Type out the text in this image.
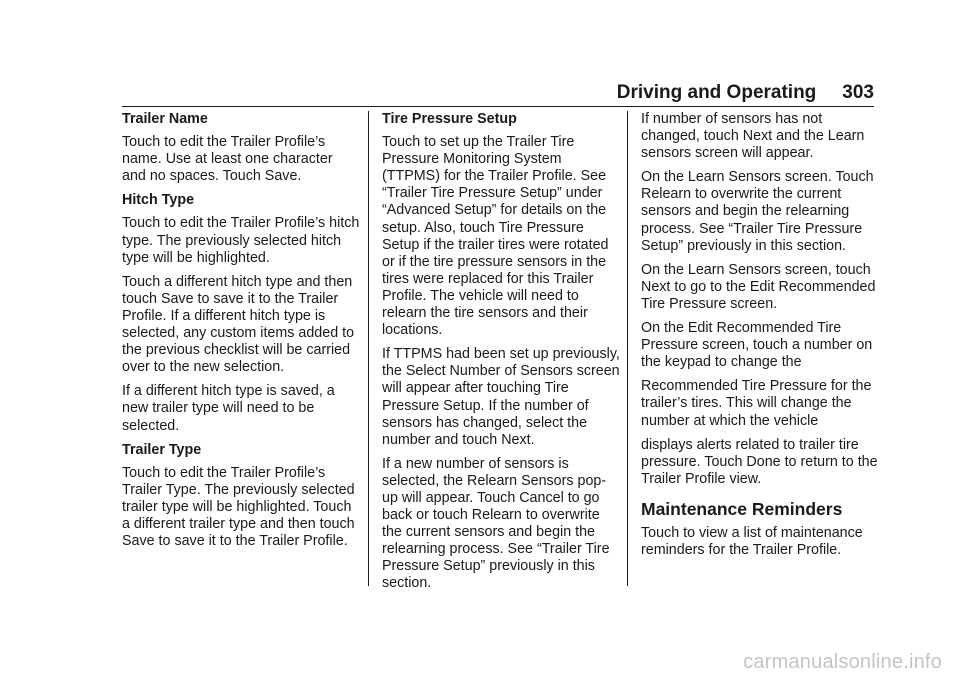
Driving and Operating 303
Trailer Name

Touch to edit the Trailer Profile’s name. Use at least one character and no spaces. Touch Save.

Hitch Type

Touch to edit the Trailer Profile’s hitch type. The previously selected hitch type will be highlighted.

Touch a different hitch type and then touch Save to save it to the Trailer Profile. If a different hitch type is selected, any custom items added to the previous checklist will be carried over to the new selection.

If a different hitch type is saved, a new trailer type will need to be selected.

Trailer Type

Touch to edit the Trailer Profile’s Trailer Type. The previously selected trailer type will be highlighted. Touch a different trailer type and then touch Save to save it to the Trailer Profile.

Tire Pressure Setup

Touch to set up the Trailer Tire Pressure Monitoring System (TTPMS) for the Trailer Profile. See “Trailer Tire Pressure Setup” under “Advanced Setup” for details on the setup. Also, touch Tire Pressure Setup if the trailer tires were rotated or if the tire pressure sensors in the tires were replaced for this Trailer Profile. The vehicle will need to relearn the tire sensors and their locations.

If TTPMS had been set up previously, the Select Number of Sensors screen will appear after touching Tire Pressure Setup. If the number of sensors has changed, select the number and touch Next.

If a new number of sensors is selected, the Relearn Sensors pop-up will appear. Touch Cancel to go back or touch Relearn to overwrite the current sensors and begin the relearning process. See “Trailer Tire Pressure Setup” previously in this section.

If number of sensors has not changed, touch Next and the Learn sensors screen will appear.

On the Learn Sensors screen. Touch Relearn to overwrite the current sensors and begin the relearning process. See “Trailer Tire Pressure Setup” previously in this section.

On the Learn Sensors screen, touch Next to go to the Edit Recommended Tire Pressure screen.

On the Edit Recommended Tire Pressure screen, touch a number on the keypad to change the

Recommended Tire Pressure for the trailer’s tires. This will change the number at which the vehicle

displays alerts related to trailer tire pressure. Touch Done to return to the Trailer Profile view.

Maintenance Reminders

Touch to view a list of maintenance reminders for the Trailer Profile.

carmanualsonline.info
